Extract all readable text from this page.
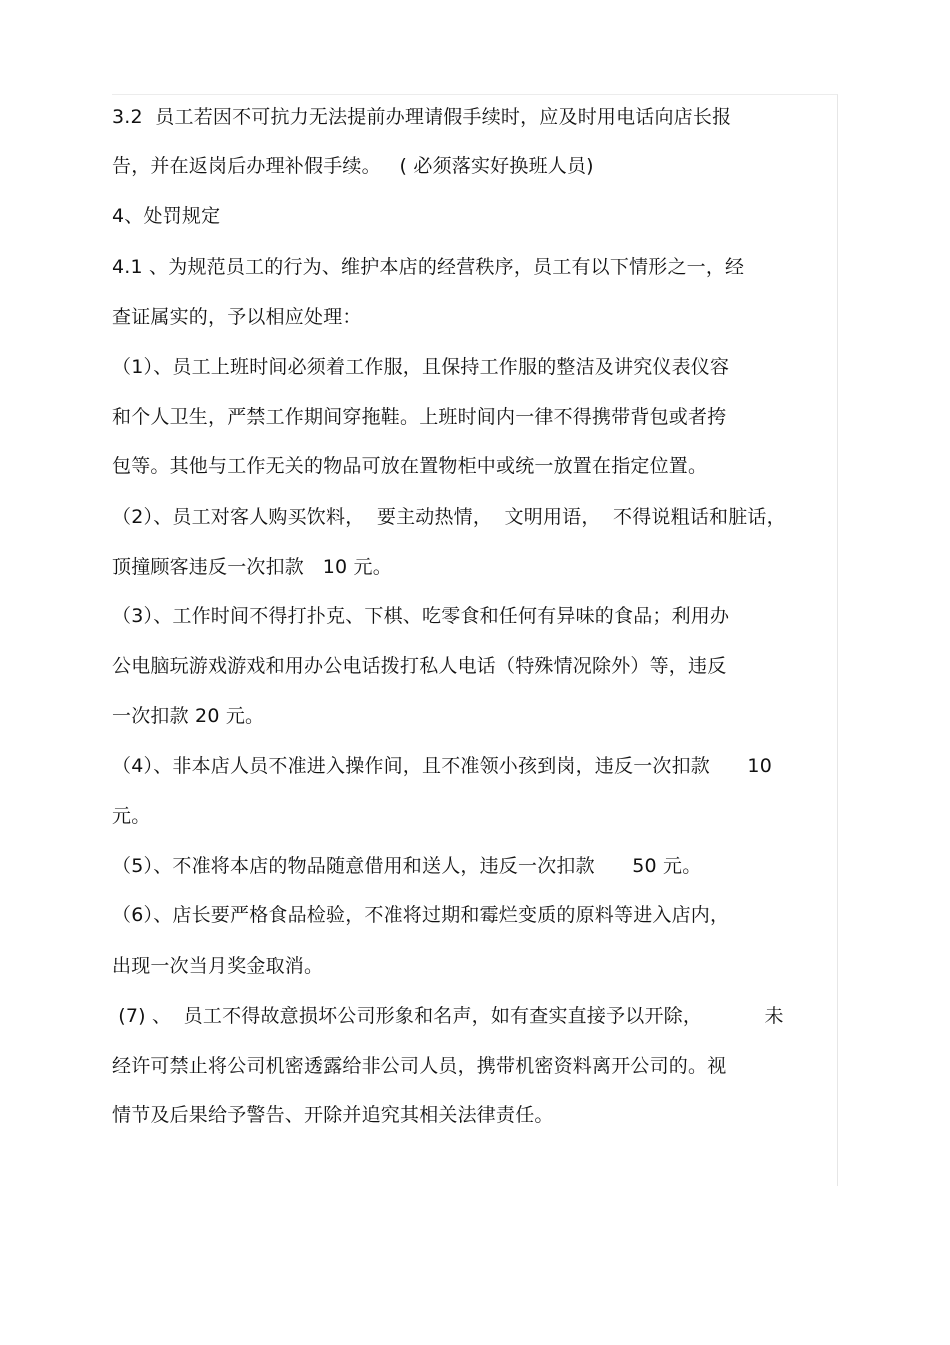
3.2  员工若因不可抗力无法提前办理请假手续时，应及时用电话向店长报
告，并在返岗后办理补假手续。   ( 必须落实好换班人员)
4、处罚规定
4.1 、为规范员工的行为、维护本店的经营秩序，员工有以下情形之一，经
查证属实的，予以相应处理：
（1）、员工上班时间必须着工作服，且保持工作服的整洁及讲究仪表仪容
和个人卫生，严禁工作期间穿拖鞋。上班时间内一律不得携带背包或者挎
包等。其他与工作无关的物品可放在置物柜中或统一放置在指定位置。
（2）、员工对客人购买饮料，  要主动热情，  文明用语，  不得说粗话和脏话，
顶撞顾客违反一次扣款   10 元。
（3）、工作时间不得打扑克、下棋、吃零食和任何有异味的食品；利用办
公电脑玩游戏游戏和用办公电话拨打私人电话（特殊情况除外）等，违反
一次扣款 20 元。
（4）、非本店人员不准进入操作间，且不准领小孩到岗，违反一次扣款      10
元。
（5）、不准将本店的物品随意借用和送人，违反一次扣款      50 元。
（6）、店长要严格食品检验，不准将过期和霉烂变质的原料等进入店内，
出现一次当月奖金取消。
(7) 、  员工不得故意损坏公司形象和名声，如有查实直接予以开除，          未
经许可禁止将公司机密透露给非公司人员，携带机密资料离开公司的。视
情节及后果给予警告、开除并追究其相关法律责任。
